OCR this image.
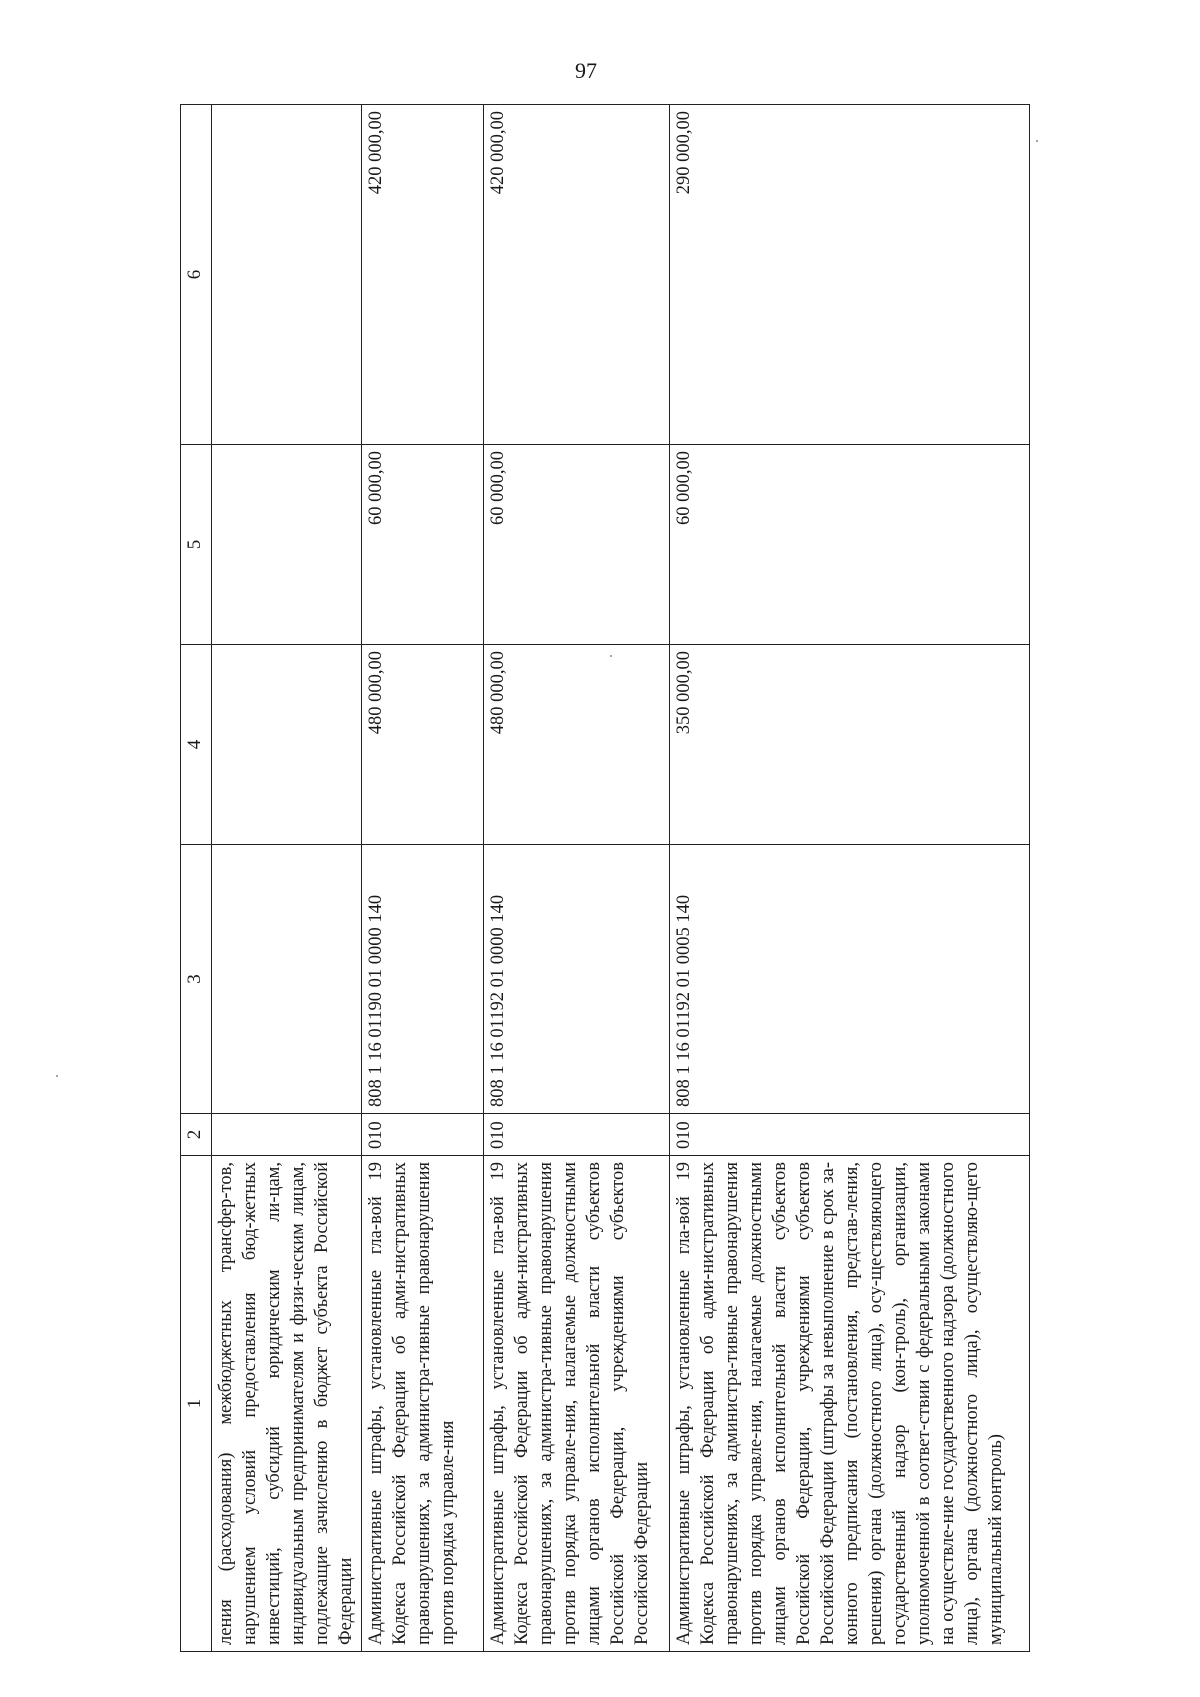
97
1	2	3	4	5	6
ления (расходования) межбюджетных трансфер-тов, нарушением условий предоставления бюд-жетных инвестиций, субсидий юридическим ли-цам, индивидуальным предпринимателям и физи-ческим лицам, подлежащие зачислению в бюджет субъекта Российской Федерации					
Административные штрафы, установленные гла-вой 19 Кодекса Российской Федерации об адми-нистративных правонарушениях, за администра-тивные правонарушения против порядка управле-ния	010	808 1 16 01190 01 0000 140	480 000,00	60 000,00	420 000,00
Административные штрафы, установленные гла-вой 19 Кодекса Российской Федерации об адми-нистративных правонарушениях, за администра-тивные правонарушения против порядка управле-ния, налагаемые должностными лицами органов исполнительной власти субъектов Российской Федерации, учреждениями субъектов Российской Федерации	010	808 1 16 01192 01 0000 140	480 000,00	60 000,00	420 000,00
Административные штрафы, установленные гла-вой 19 Кодекса Российской Федерации об адми-нистративных правонарушениях, за администра-тивные правонарушения против порядка управле-ния, налагаемые должностными лицами органов исполнительной власти субъектов Российской Федерации, учреждениями субъектов Российской Федерации (штрафы за невыполнение в срок за-конного предписания (постановления, представ-ления, решения) органа (должностного лица), осу-ществляющего государственный надзор (кон-троль), организации, уполномоченной в соответ-ствии с федеральными законами на осуществле-ние государственного надзора (должностного лица), органа (должностного лица), осуществляю-щего муниципальный контроль)	010	808 1 16 01192 01 0005 140	350 000,00	60 000,00	290 000,00
